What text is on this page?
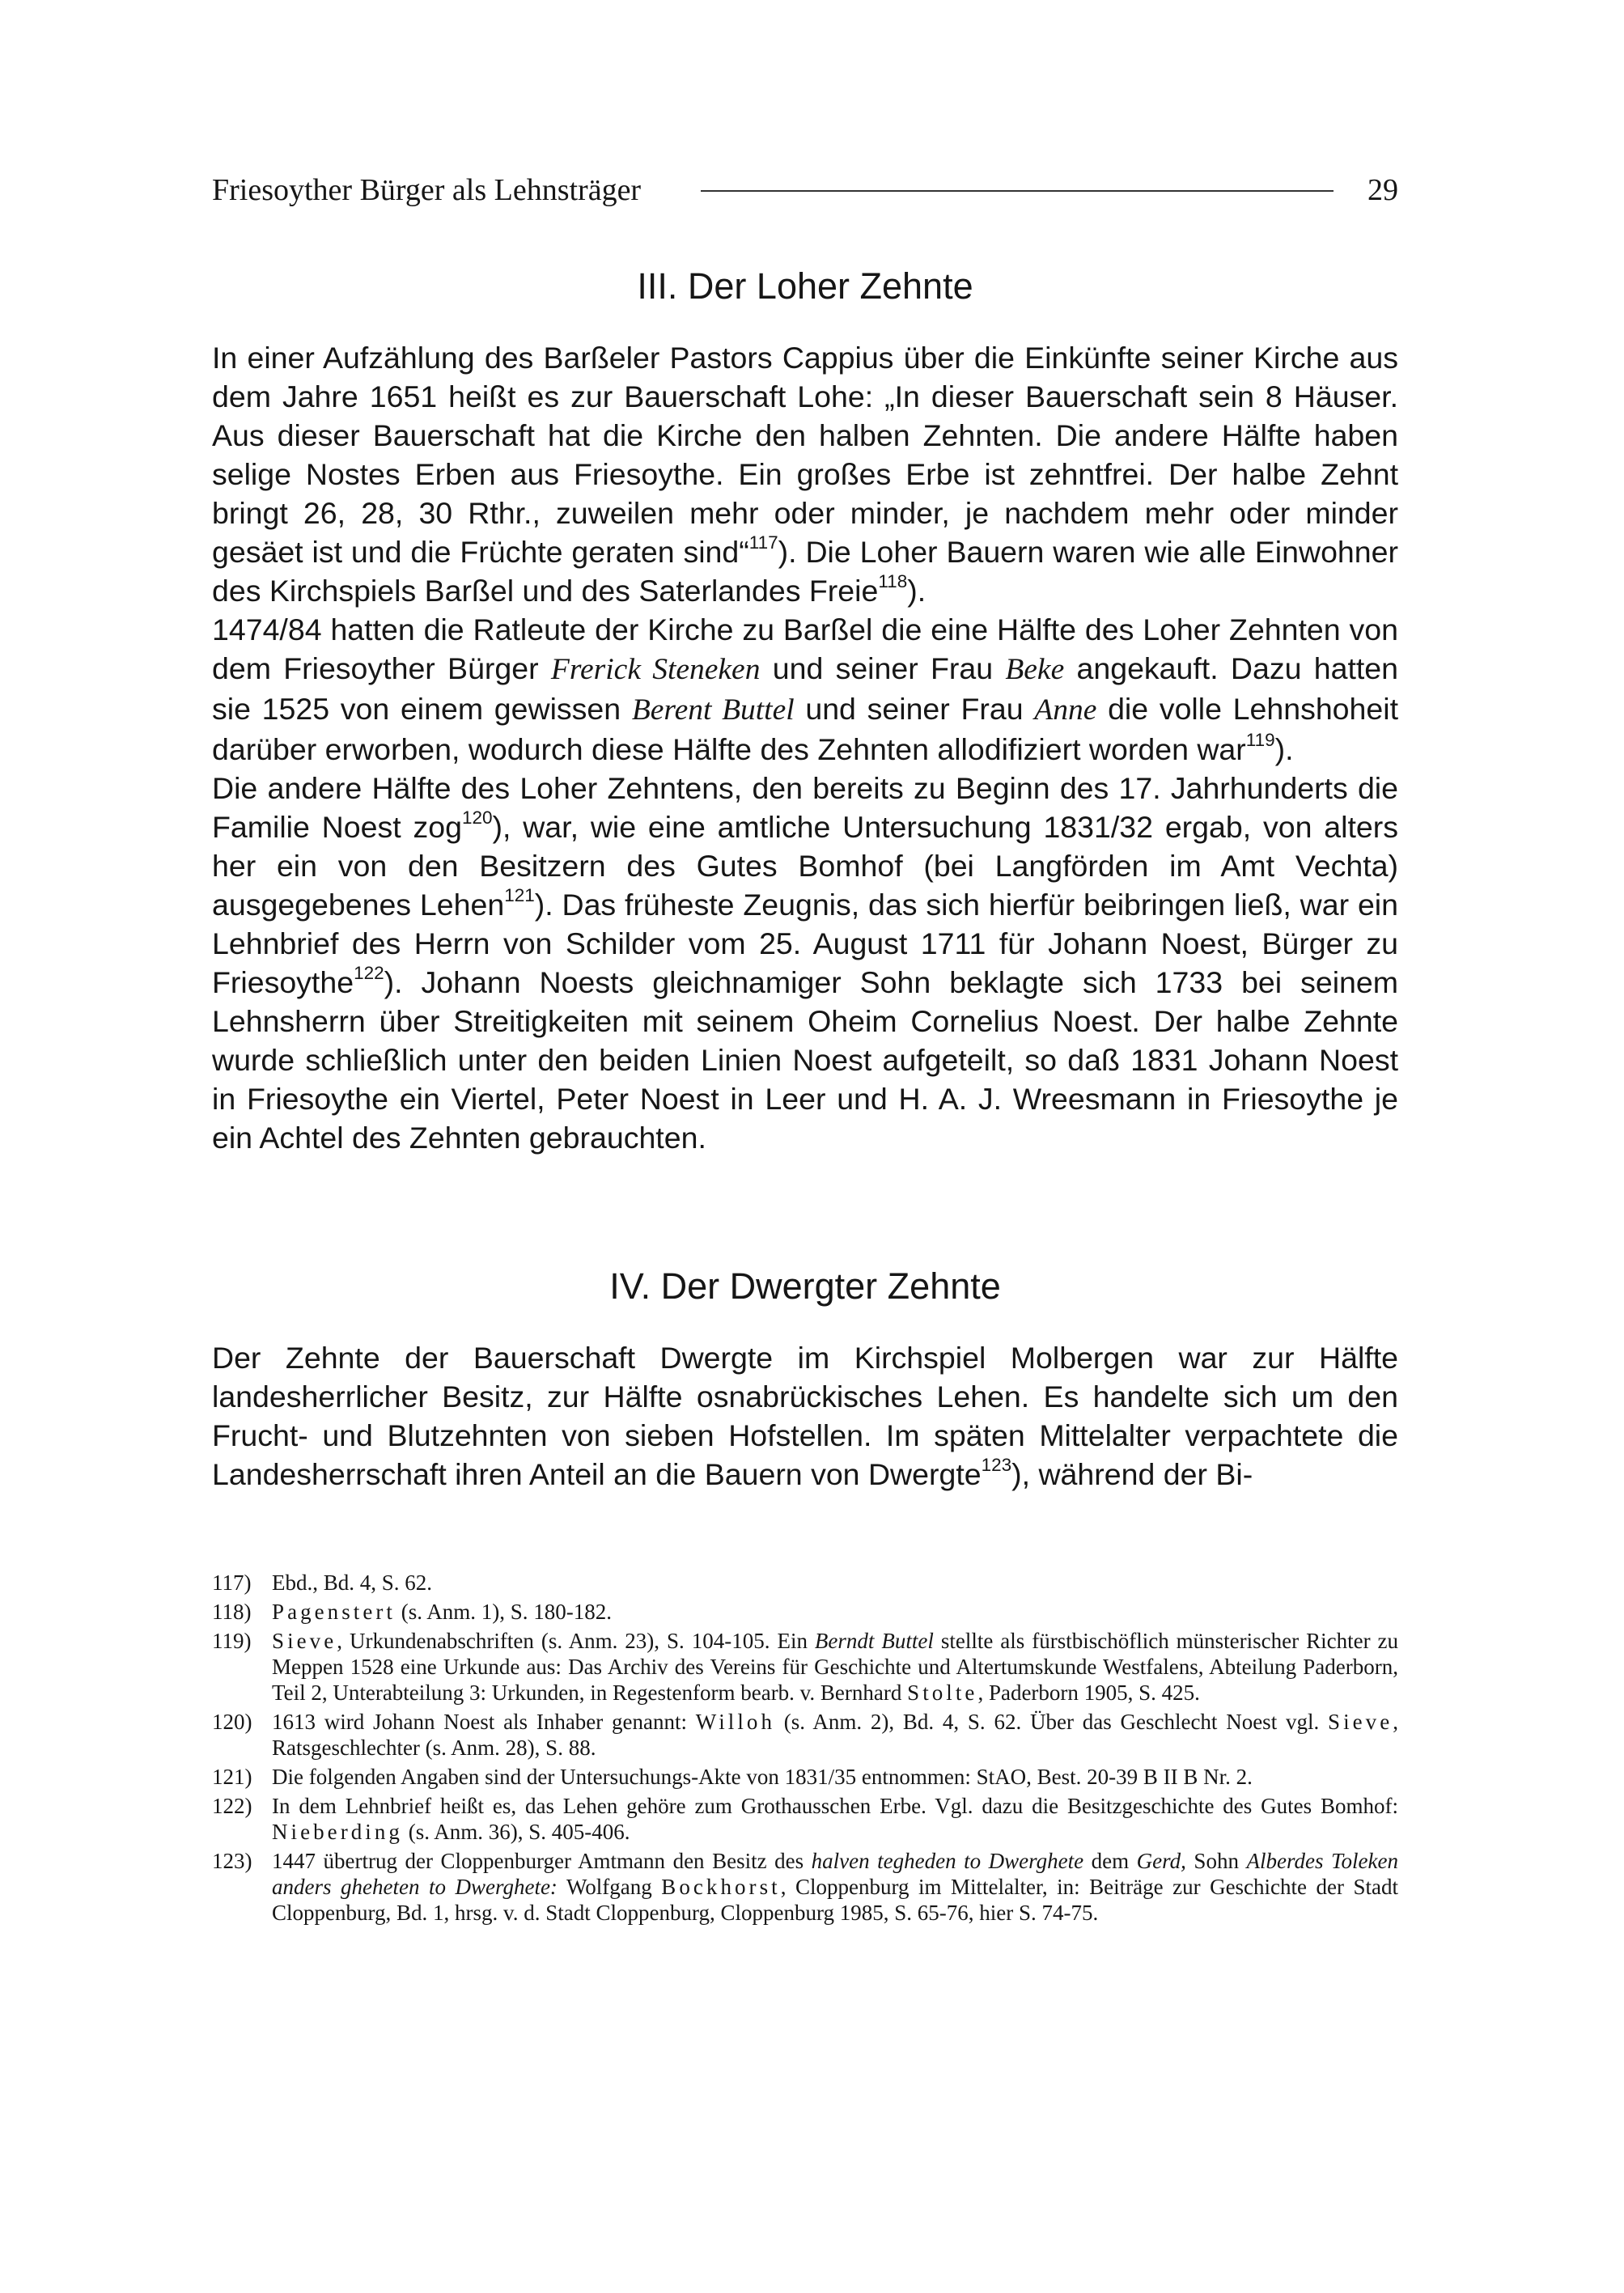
Friesoyther Bürger als Lehnsträger	29
III. Der Loher Zehnte

In einer Aufzählung des Barßeler Pastors Cappius über die Einkünfte seiner Kirche aus dem Jahre 1651 heißt es zur Bauerschaft Lohe: „In dieser Bauerschaft sein 8 Häuser. Aus dieser Bauerschaft hat die Kirche den halben Zehnten. Die andere Hälfte haben selige Nostes Erben aus Friesoythe. Ein großes Erbe ist zehntfrei. Der halbe Zehnt bringt 26, 28, 30 Rthr., zuweilen mehr oder minder, je nachdem mehr oder minder gesäet ist und die Früchte geraten sind“$^{117}$). Die Loher Bauern waren wie alle Einwohner des Kirchspiels Barßel und des Saterlandes Freie$^{118}$).

1474/84 hatten die Ratleute der Kirche zu Barßel die eine Hälfte des Loher Zehnten von dem Friesoyther Bürger Frerick Steneken und seiner Frau Beke angekauft. Dazu hatten sie 1525 von einem gewissen Berent Buttel und seiner Frau Anne die volle Lehnshoheit darüber erworben, wodurch diese Hälfte des Zehnten allodifiziert worden war$^{119}$).

Die andere Hälfte des Loher Zehntens, den bereits zu Beginn des 17. Jahrhunderts die Familie Noest zog$^{120}$), war, wie eine amtliche Untersuchung 1831/32 ergab, von alters her ein von den Besitzern des Gutes Bomhof (bei Langförden im Amt Vechta) ausgegebenes Lehen$^{121}$). Das früheste Zeugnis, das sich hierfür beibringen ließ, war ein Lehnbrief des Herrn von Schilder vom 25. August 1711 für Johann Noest, Bürger zu Friesoythe$^{122}$). Johann Noests gleichnamiger Sohn beklagte sich 1733 bei seinem Lehnsherrn über Streitigkeiten mit seinem Oheim Cornelius Noest. Der halbe Zehnte wurde schließlich unter den beiden Linien Noest aufgeteilt, so daß 1831 Johann Noest in Friesoythe ein Viertel, Peter Noest in Leer und H. A. J. Wreesmann in Friesoythe je ein Achtel des Zehnten gebrauchten.

IV. Der Dwergter Zehnte

Der Zehnte der Bauerschaft Dwergte im Kirchspiel Molbergen war zur Hälfte landesherrlicher Besitz, zur Hälfte osnabrückisches Lehen. Es handelte sich um den Frucht- und Blutzehnten von sieben Hofstellen. Im späten Mittelalter verpachtete die Landesherrschaft ihren Anteil an die Bauern von Dwergte$^{123}$), während der Bi-

117) Ebd., Bd. 4, S. 62.
118) Pagenstert (s. Anm. 1), S. 180-182.
119) Sieve, Urkundenabschriften (s. Anm. 23), S. 104-105. Ein Berndt Buttel stellte als fürstbischöflich münsterischer Richter zu Meppen 1528 eine Urkunde aus: Das Archiv des Vereins für Geschichte und Altertumskunde Westfalens, Abteilung Paderborn, Teil 2, Unterabteilung 3: Urkunden, in Regestenform bearb. v. Bernhard Stolte, Paderborn 1905, S. 425.
120) 1613 wird Johann Noest als Inhaber genannt: Willoh (s. Anm. 2), Bd. 4, S. 62. Über das Geschlecht Noest vgl. Sieve, Ratsgeschlechter (s. Anm. 28), S. 88.
121) Die folgenden Angaben sind der Untersuchungs-Akte von 1831/35 entnommen: StAO, Best. 20-39 B II B Nr. 2.
122) In dem Lehnbrief heißt es, das Lehen gehöre zum Grothausschen Erbe. Vgl. dazu die Besitzgeschichte des Gutes Bomhof: Nieberding (s. Anm. 36), S. 405-406.
123) 1447 übertrug der Cloppenburger Amtmann den Besitz des halven tegheden to Dwerghete dem Gerd, Sohn Alberdes Toleken anders gheheten to Dwerghete: Wolfgang Bockhorst, Cloppenburg im Mittelalter, in: Beiträge zur Geschichte der Stadt Cloppenburg, Bd. 1, hrsg. v. d. Stadt Cloppenburg, Cloppenburg 1985, S. 65-76, hier S. 74-75.
